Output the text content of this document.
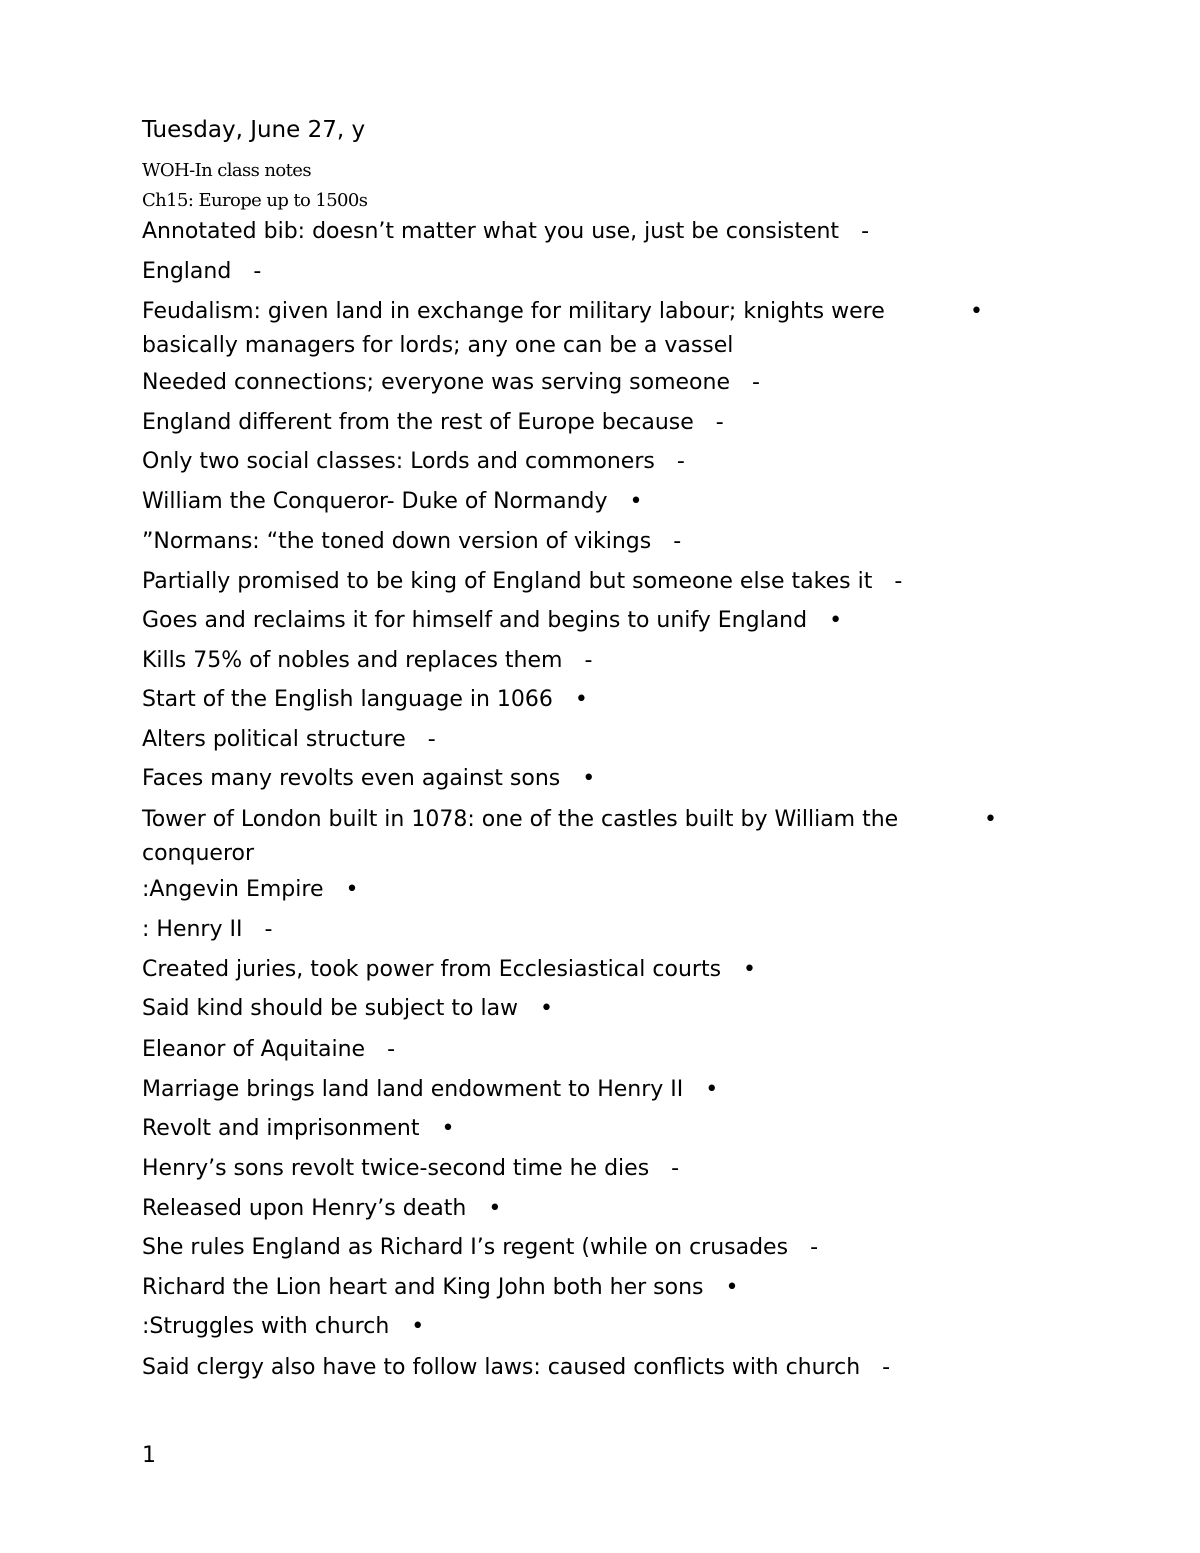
Tuesday, June 27, y
WOH-In class notes
Ch15: Europe up to 1500s
Annotated bib: doesn’t matter what you use, just be consistent -
England -
Feudalism: given land in exchange for military labour; knights were basically managers for lords; any one can be a vassel
•
Needed connections; everyone was serving someone -
England different from the rest of Europe because -
Only two social classes: Lords and commoners -
William the Conqueror- Duke of Normandy •
”Normans: “the toned down version of vikings -
Partially promised to be king of England but someone else takes it -
Goes and reclaims it for himself and begins to unify England •
Kills 75% of nobles and replaces them -
Start of the English language in 1066 •
Alters political structure -
Faces many revolts even against sons •
Tower of London built in 1078: one of the castles built by William the conqueror
•
:Angevin Empire •
: Henry II -
Created juries, took power from Ecclesiastical courts •
Said kind should be subject to law •
Eleanor of Aquitaine -
Marriage brings land land endowment to Henry II •
Revolt and imprisonment •
Henry’s sons revolt twice-second time he dies -
Released upon Henry’s death •
She rules England as Richard I’s regent (while on crusades -
Richard the Lion heart and King John both her sons •
:Struggles with church •
Said clergy also have to follow laws: caused conflicts with church -
1
